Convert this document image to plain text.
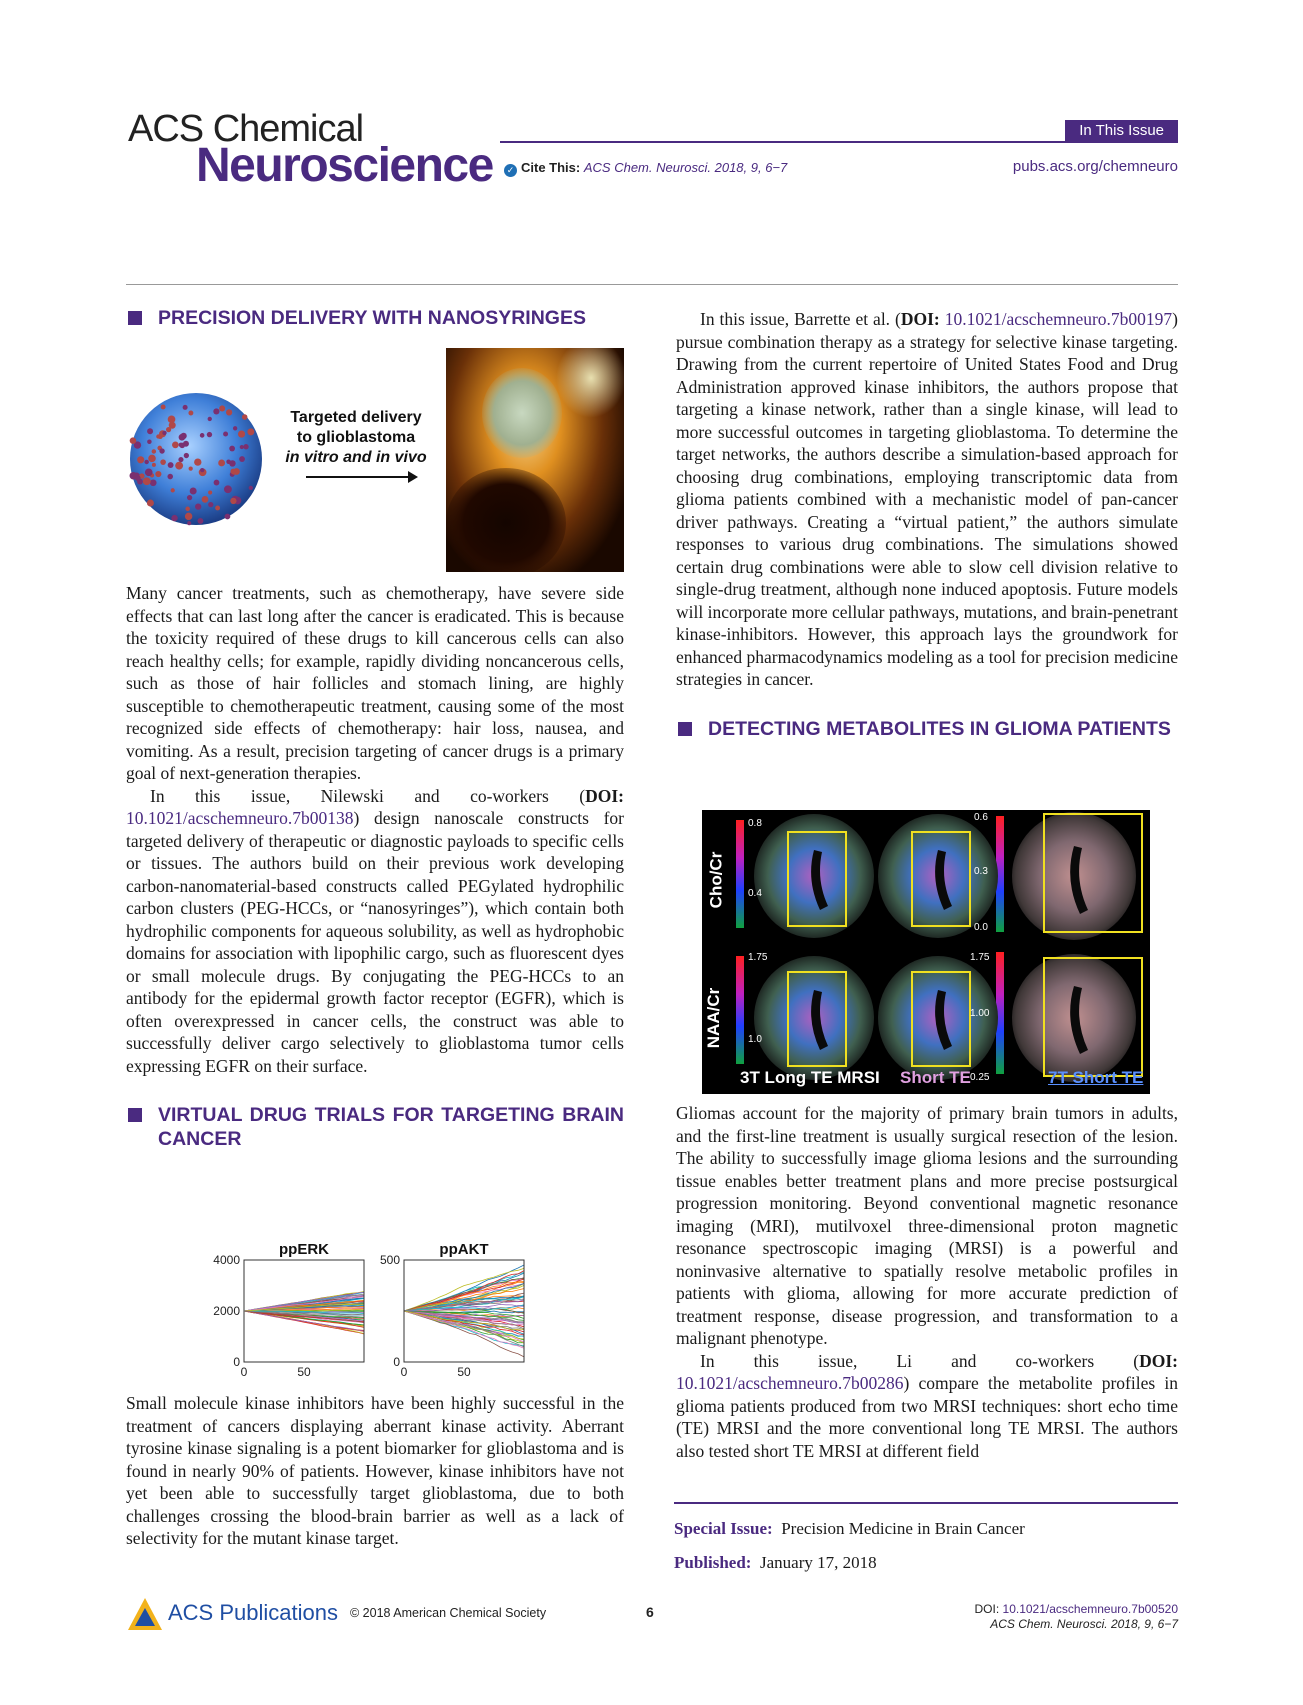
ACS Chemical
Neuroscience
In This Issue
✓ Cite This: ACS Chem. Neurosci. 2018, 9, 6−7	pubs.acs.org/chemneuro
PRECISION DELIVERY WITH NANOSYRINGES
Targeted delivery
to glioblastoma
in vitro and in vivo

Many cancer treatments, such as chemotherapy, have severe side effects that can last long after the cancer is eradicated. This is because the toxicity required of these drugs to kill cancerous cells can also reach healthy cells; for example, rapidly dividing noncancerous cells, such as those of hair follicles and stomach lining, are highly susceptible to chemotherapeutic treatment, causing some of the most recognized side effects of chemotherapy: hair loss, nausea, and vomiting. As a result, precision targeting of cancer drugs is a primary goal of next-generation therapies.

In this issue, Nilewski and co-workers (DOI: 10.1021/acschemneuro.7b00138) design nanoscale constructs for targeted delivery of therapeutic or diagnostic payloads to specific cells or tissues. The authors build on their previous work developing carbon-nanomaterial-based constructs called PEGylated hydrophilic carbon clusters (PEG-HCCs, or “nanosyringes”), which contain both hydrophilic components for aqueous solubility, as well as hydrophobic domains for association with lipophilic cargo, such as fluorescent dyes or small molecule drugs. By conjugating the PEG-HCCs to an antibody for the epidermal growth factor receptor (EGFR), which is often overexpressed in cancer cells, the construct was able to successfully deliver cargo selectively to glioblastoma tumor cells expressing EGFR on their surface.

VIRTUAL DRUG TRIALS FOR TARGETING BRAIN CANCER
ppERK
0
2000
4000
0	50
ppAKT
0
500
0	50

Small molecule kinase inhibitors have been highly successful in the treatment of cancers displaying aberrant kinase activity. Aberrant tyrosine kinase signaling is a potent biomarker for glioblastoma and is found in nearly 90% of patients. However, kinase inhibitors have not yet been able to successfully target glioblastoma, due to both challenges crossing the blood-brain barrier as well as a lack of selectivity for the mutant kinase target.

In this issue, Barrette et al. (DOI: 10.1021/acschemneuro.7b00197) pursue combination therapy as a strategy for selective kinase targeting. Drawing from the current repertoire of United States Food and Drug Administration approved kinase inhibitors, the authors propose that targeting a kinase network, rather than a single kinase, will lead to more successful outcomes in targeting glioblastoma. To determine the target networks, the authors describe a simulation-based approach for choosing drug combinations, employing transcriptomic data from glioma patients combined with a mechanistic model of pan-cancer driver pathways. Creating a “virtual patient,” the authors simulate responses to various drug combinations. The simulations showed certain drug combinations were able to slow cell division relative to single-drug treatment, although none induced apoptosis. Future models will incorporate more cellular pathways, mutations, and brain-penetrant kinase-inhibitors. However, this approach lays the groundwork for enhanced pharmacodynamics modeling as a tool for precision medicine strategies in cancer.

DETECTING METABOLITES IN GLIOMA PATIENTS
Cho/Cr
NAA/Cr
0.8
0.4
0.6
0.3
0.0
1.75
1.0
1.75
1.00
0.25
3T Long TE MRSI Short TE	7T Short TE

Gliomas account for the majority of primary brain tumors in adults, and the first-line treatment is usually surgical resection of the lesion. The ability to successfully image glioma lesions and the surrounding tissue enables better treatment plans and more precise postsurgical progression monitoring. Beyond conventional magnetic resonance imaging (MRI), mutilvoxel three-dimensional proton magnetic resonance spectroscopic imaging (MRSI) is a powerful and noninvasive alternative to spatially resolve metabolic profiles in patients with glioma, allowing for more accurate prediction of treatment response, disease progression, and transformation to a malignant phenotype.

In this issue, Li and co-workers (DOI: 10.1021/acschemneuro.7b00286) compare the metabolite profiles in glioma patients produced from two MRSI techniques: short echo time (TE) MRSI and the more conventional long TE MRSI. The authors also tested short TE MRSI at different field

Special Issue: Precision Medicine in Brain Cancer
Published: January 17, 2018
ACS Publications © 2018 American Chemical Society	6	DOI: 10.1021/acschemneuro.7b00520
ACS Chem. Neurosci. 2018, 9, 6−7
